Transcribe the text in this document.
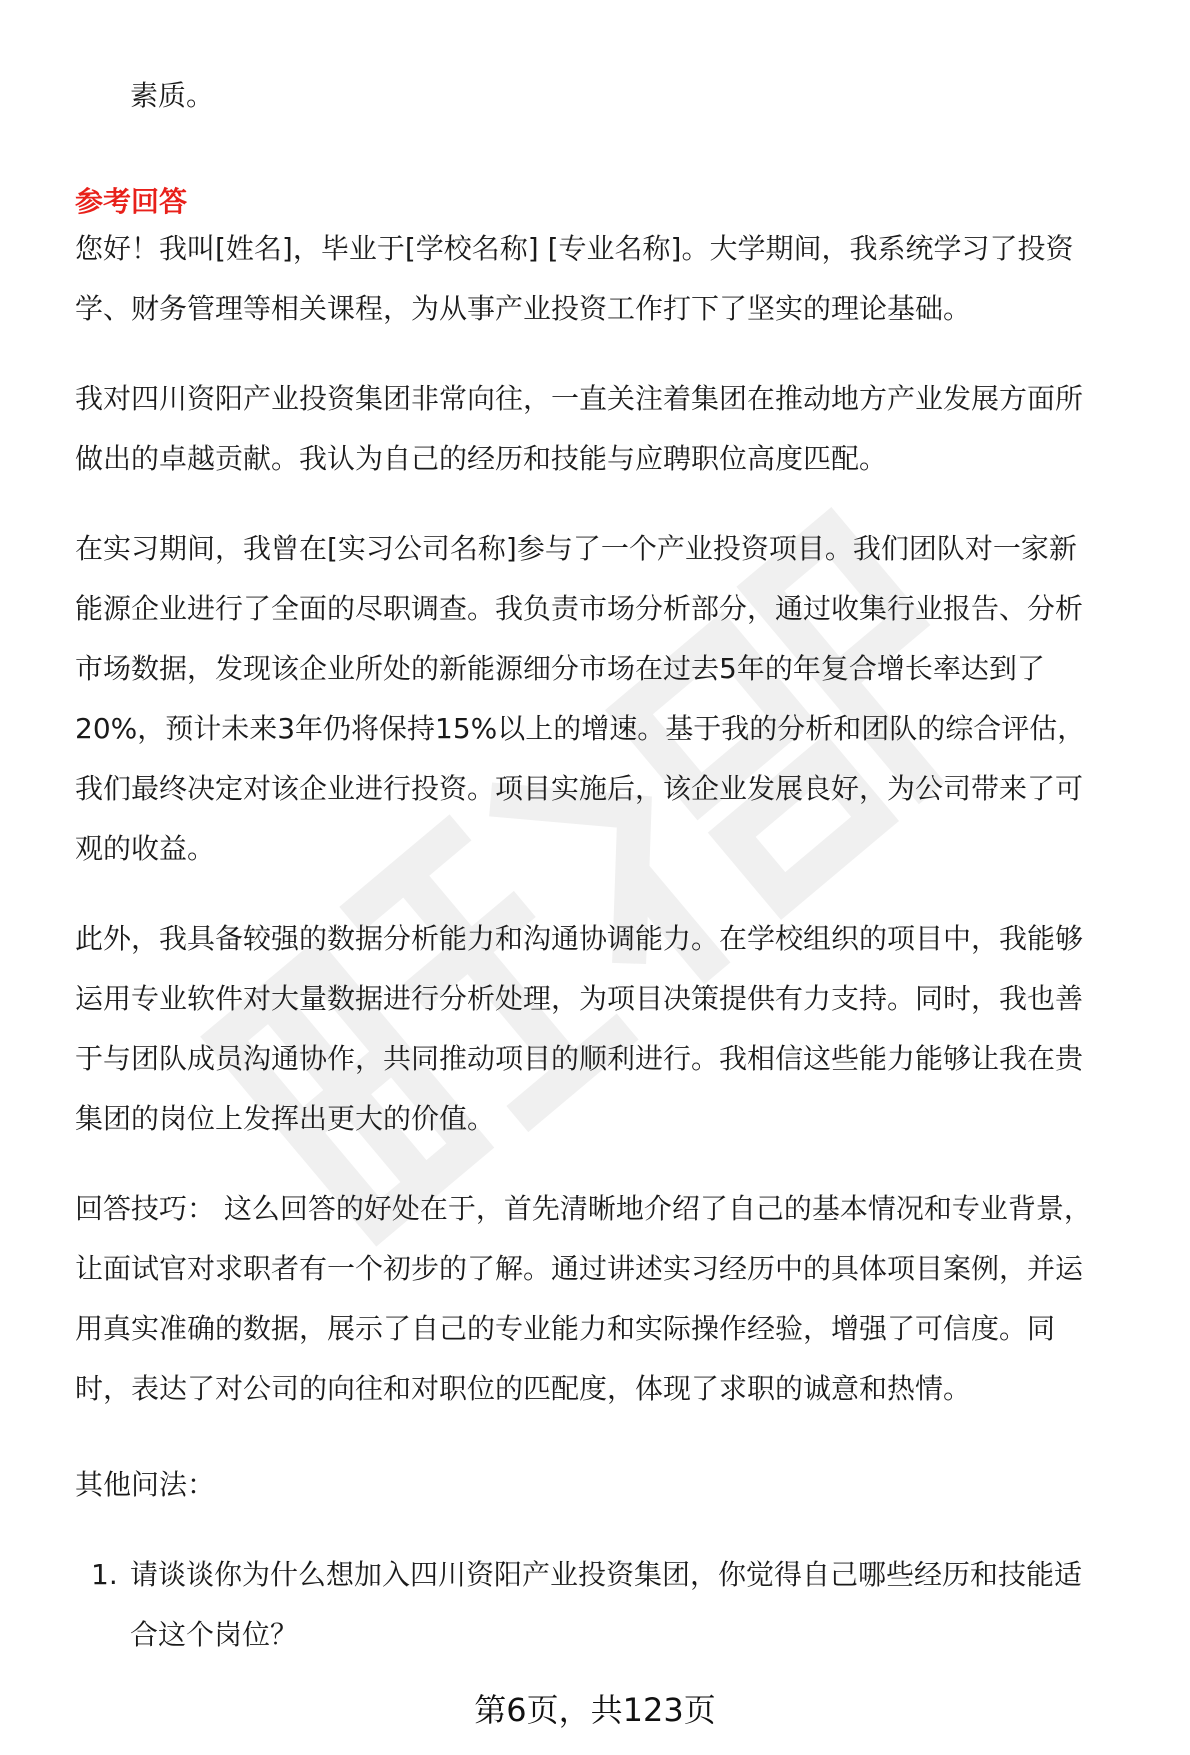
素质。

参考回答

您好！我叫[姓名]，毕业于[学校名称] [专业名称]。大学期间，我系统学习了投资

学、财务管理等相关课程，为从事产业投资工作打下了坚实的理论基础。

我对四川资阳产业投资集团非常向往，一直关注着集团在推动地方产业发展方面所

做出的卓越贡献。我认为自己的经历和技能与应聘职位高度匹配。

在实习期间，我曾在[实习公司名称]参与了一个产业投资项目。我们团队对一家新

能源企业进行了全面的尽职调查。我负责市场分析部分，通过收集行业报告、分析

市场数据，发现该企业所处的新能源细分市场在过去5年的年复合增长率达到了

20%，预计未来3年仍将保持15%以上的增速。基于我的分析和团队的综合评估，

我们最终决定对该企业进行投资。项目实施后，该企业发展良好，为公司带来了可

观的收益。

此外，我具备较强的数据分析能力和沟通协调能力。在学校组织的项目中，我能够

运用专业软件对大量数据进行分析处理，为项目决策提供有力支持。同时，我也善

于与团队成员沟通协作，共同推动项目的顺利进行。我相信这些能力能够让我在贵

集团的岗位上发挥出更大的价值。

回答技巧： 这么回答的好处在于，首先清晰地介绍了自己的基本情况和专业背景，

让面试官对求职者有一个初步的了解。通过讲述实习经历中的具体项目案例，并运

用真实准确的数据，展示了自己的专业能力和实际操作经验，增强了可信度。同

时，表达了对公司的向往和对职位的匹配度，体现了求职的诚意和热情。

其他问法：

1. 请谈谈你为什么想加入四川资阳产业投资集团，你觉得自己哪些经历和技能适

合这个岗位？

第6页，共123页
